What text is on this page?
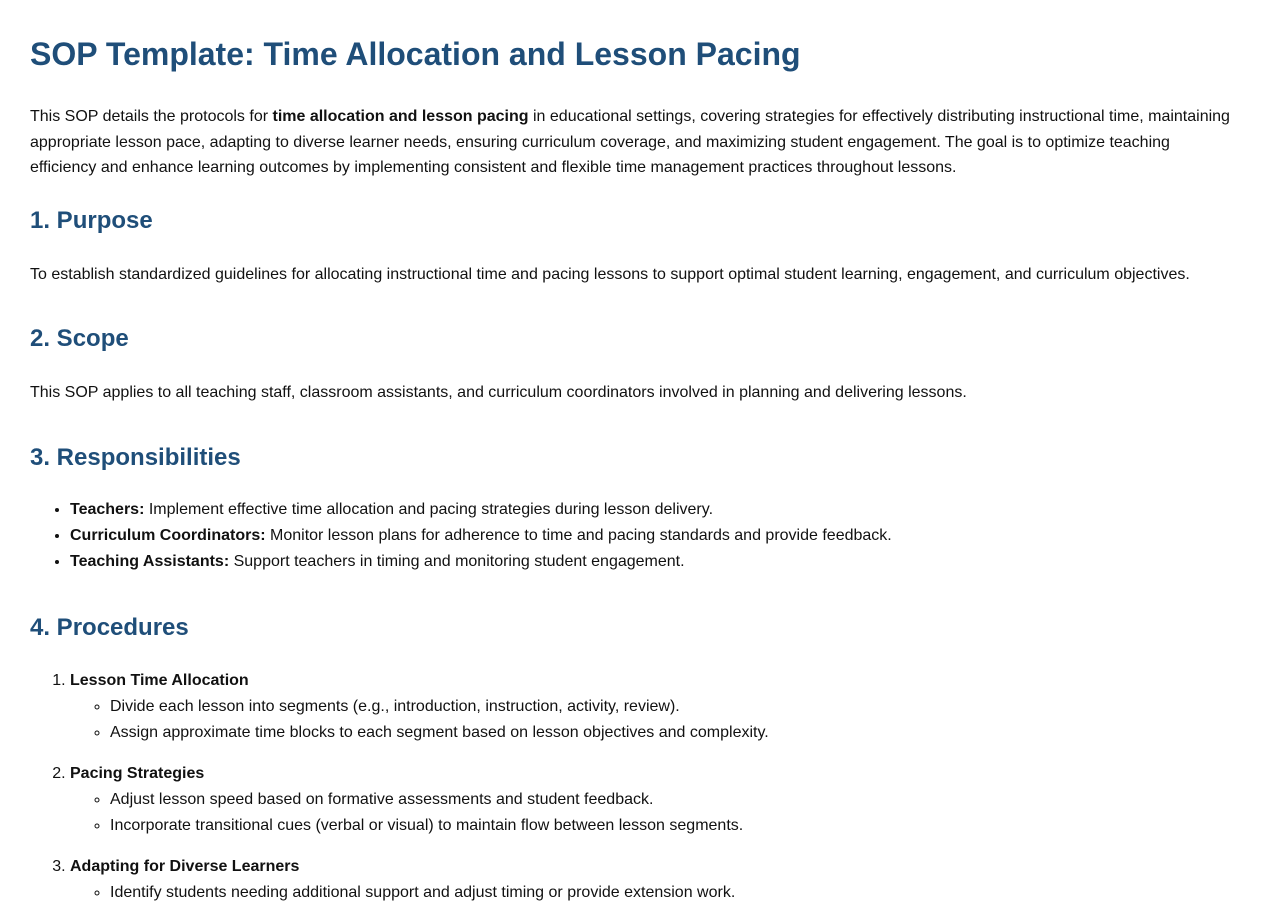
SOP Template: Time Allocation and Lesson Pacing

This SOP details the protocols for time allocation and lesson pacing in educational settings, covering strategies for effectively distributing instructional time, maintaining appropriate lesson pace, adapting to diverse learner needs, ensuring curriculum coverage, and maximizing student engagement. The goal is to optimize teaching efficiency and enhance learning outcomes by implementing consistent and flexible time management practices throughout lessons.

1. Purpose

To establish standardized guidelines for allocating instructional time and pacing lessons to support optimal student learning, engagement, and curriculum objectives.

2. Scope

This SOP applies to all teaching staff, classroom assistants, and curriculum coordinators involved in planning and delivering lessons.

3. Responsibilities
• Teachers: Implement effective time allocation and pacing strategies during lesson delivery.
• Curriculum Coordinators: Monitor lesson plans for adherence to time and pacing standards and provide feedback.
• Teaching Assistants: Support teachers in timing and monitoring student engagement.
4. Procedures
1. Lesson Time Allocation
◦ Divide each lesson into segments (e.g., introduction, instruction, activity, review).
◦ Assign approximate time blocks to each segment based on lesson objectives and complexity.
2. Pacing Strategies
◦ Adjust lesson speed based on formative assessments and student feedback.
◦ Incorporate transitional cues (verbal or visual) to maintain flow between lesson segments.
3. Adapting for Diverse Learners
◦ Identify students needing additional support and adjust timing or provide extension work.
